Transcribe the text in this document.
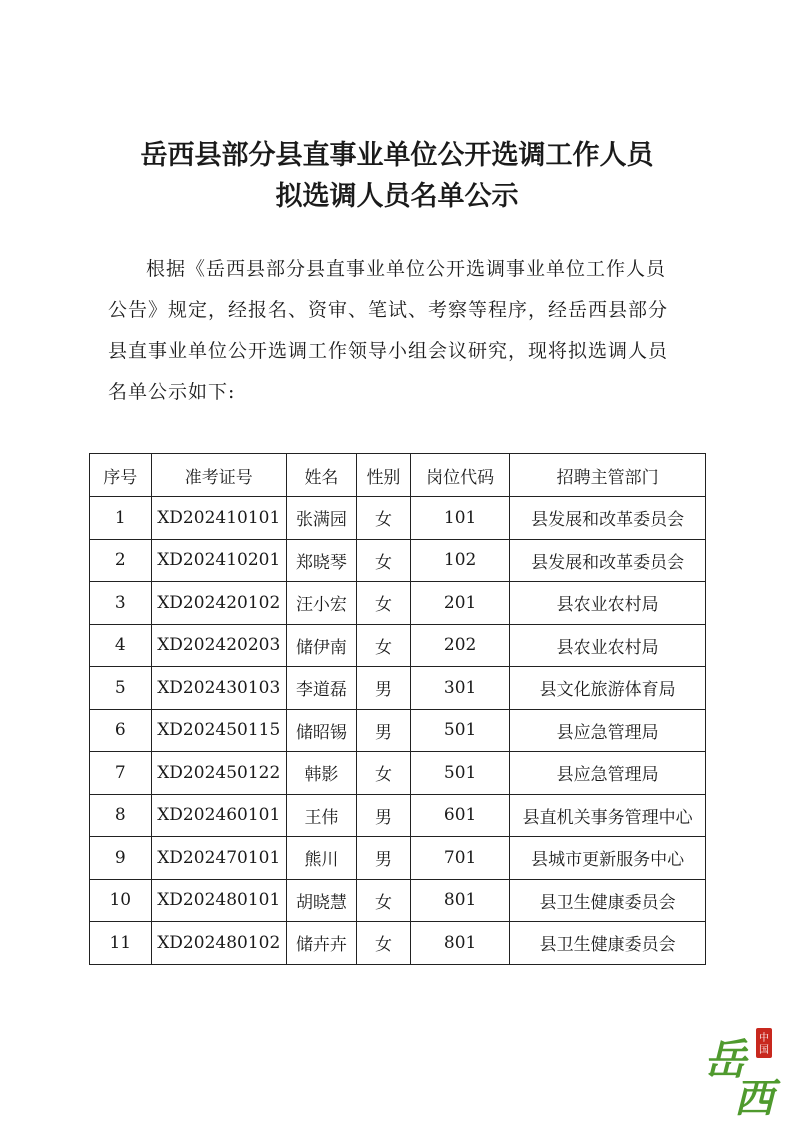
岳西县部分县直事业单位公开选调工作人员
拟选调人员名单公示
根据《岳西县部分县直事业单位公开选调事业单位工作人员
公告》规定，经报名、资审、笔试、考察等程序，经岳西县部分
县直事业单位公开选调工作领导小组会议研究，现将拟选调人员
名单公示如下:
序号	准考证号	姓名	性别	岗位代码	招聘主管部门
1	XD202410101	张满园	女	101	县发展和改革委员会
2	XD202410201	郑晓琴	女	102	县发展和改革委员会
3	XD202420102	汪小宏	女	201	县农业农村局
4	XD202420203	储伊南	女	202	县农业农村局
5	XD202430103	李道磊	男	301	县文化旅游体育局
6	XD202450115	储昭锡	男	501	县应急管理局
7	XD202450122	韩影	女	501	县应急管理局
8	XD202460101	王伟	男	601	县直机关事务管理中心
9	XD202470101	熊川	男	701	县城市更新服务中心
10	XD202480101	胡晓慧	女	801	县卫生健康委员会
11	XD202480102	储卉卉	女	801	县卫生健康委员会
中
国
岳
西
